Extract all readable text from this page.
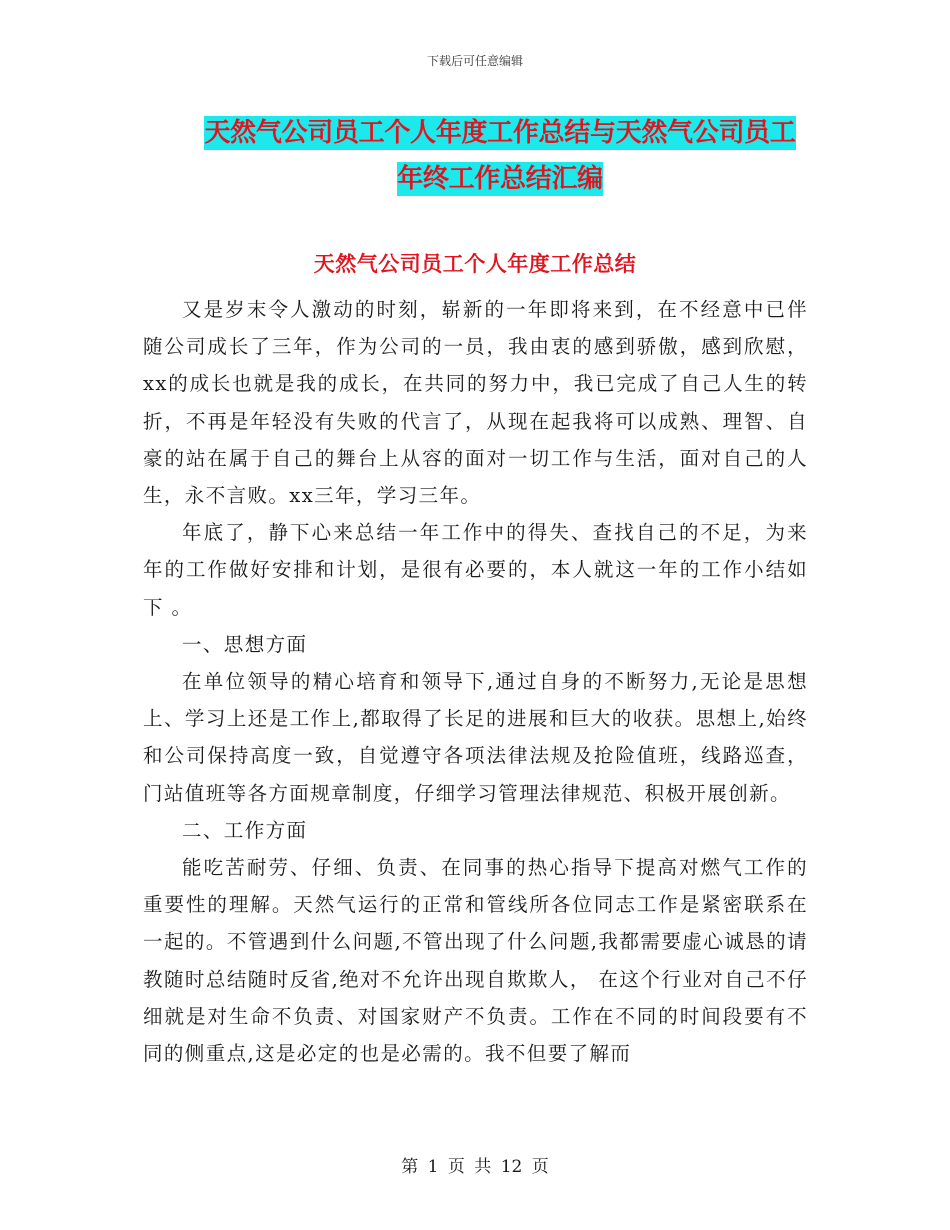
下载后可任意编辑
天然气公司员工个人年度工作总结与天然气公司员工
年终工作总结汇编
天然气公司员工个人年度工作总结

又是岁末令人激动的时刻，崭新的一年即将来到，在不经意中已伴随公司成长了三年，作为公司的一员，我由衷的感到骄傲，感到欣慰，xx的成长也就是我的成长，在共同的努力中，我已完成了自己人生的转折，不再是年轻没有失败的代言了，从现在起我将可以成熟、理智、自豪的站在属于自己的舞台上从容的面对一切工作与生活，面对自己的人生，永不言败。xx三年，学习三年。

年底了，静下心来总结一年工作中的得失、查找自己的不足，为来年的工作做好安排和计划，是很有必要的，本人就这一年的工作小结如下 。

一、思想方面

在单位领导的精心培育和领导下,通过自身的不断努力,无论是思想上、学习上还是工作上,都取得了长足的进展和巨大的收获。思想上,始终和公司保持高度一致，自觉遵守各项法律法规及抢险值班，线路巡查，门站值班等各方面规章制度，仔细学习管理法律规范、积极开展创新。

二、工作方面

能吃苦耐劳、仔细、负责、在同事的热心指导下提高对燃气工作的重要性的理解。天然气运行的正常和管线所各位同志工作是紧密联系在一起的。不管遇到什么问题,不管出现了什么问题,我都需要虚心诚恳的请教随时总结随时反省,绝对不允许出现自欺欺人， 在这个行业对自己不仔细就是对生命不负责、对国家财产不负责。工作在不同的时间段要有不同的侧重点,这是必定的也是必需的。我不但要了解而

第 1 页 共 12 页
